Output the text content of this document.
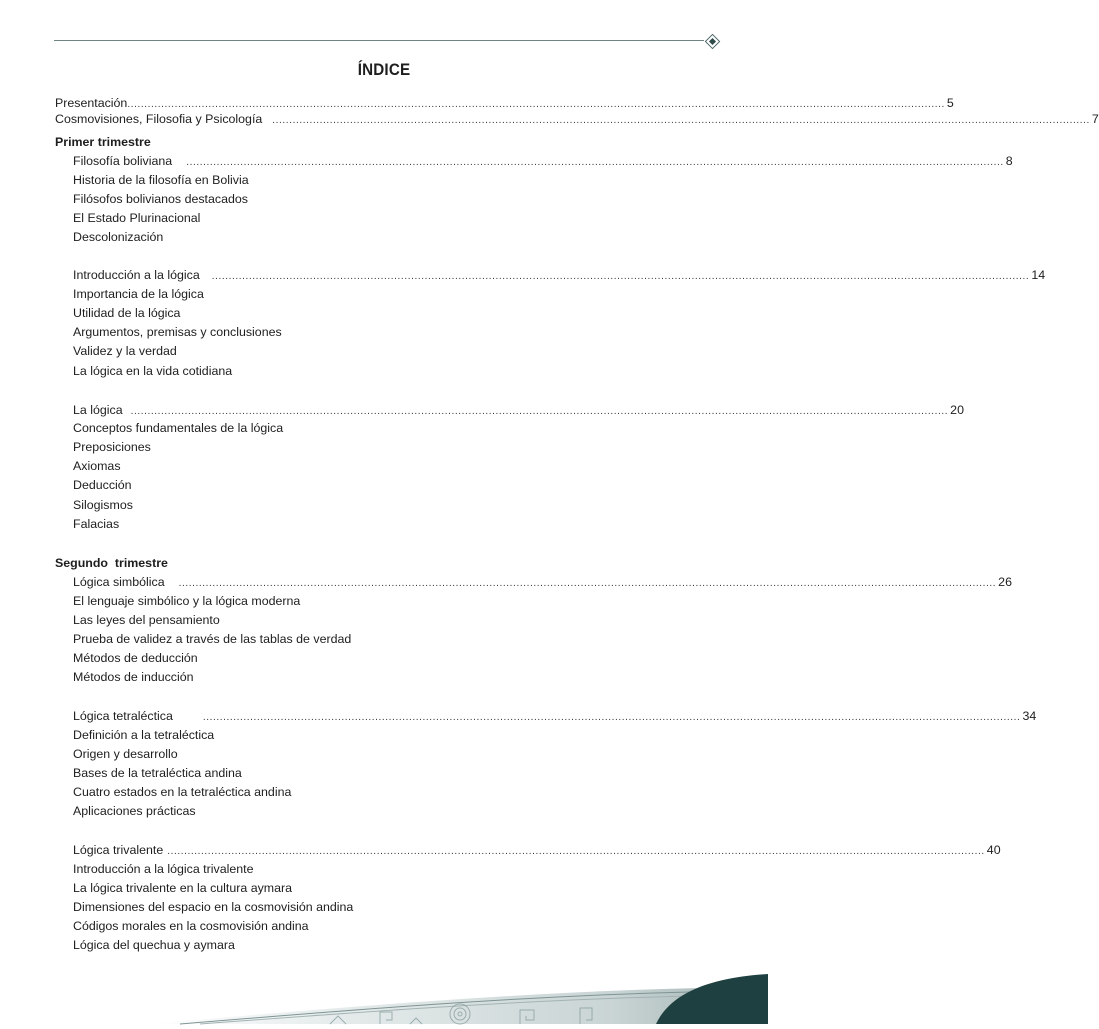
ÍNDICE
Presentación .................................................................................................................................................................................................................................................. 5
Cosmovisiones, Filosofia y Psicología .................................................................................................................................................................................................................................................. 7
Primer trimestre
Filosofía boliviana .................................................................................................................................................................................................................................................. 8
Historia de la filosofía en Bolivia
Filósofos bolivianos destacados
El Estado Plurinacional
Descolonización
Introducción a la lógica .................................................................................................................................................................................................................................................. 14
Importancia de la lógica
Utilidad de la lógica
Argumentos, premisas y conclusiones
Validez y la verdad
La lógica en la vida cotidiana
La lógica .................................................................................................................................................................................................................................................. 20
Conceptos fundamentales de la lógica
Preposiciones
Axiomas
Deducción
Silogismos
Falacias
Segundo  trimestre
Lógica simbólica .................................................................................................................................................................................................................................................. 26
El lenguaje simbólico y la lógica moderna
Las leyes del pensamiento
Prueba de validez a través de las tablas de verdad
Métodos de deducción
Métodos de inducción
Lógica tetraléctica	.................................................................................................................................................................................................................................................. 34
Definición a la tetraléctica
Origen y desarrollo
Bases de la tetraléctica andina
Cuatro estados en la tetraléctica andina
Aplicaciones prácticas
Lógica trivalente .................................................................................................................................................................................................................................................. 40
Introducción a la lógica trivalente
La lógica trivalente en la cultura aymara
Dimensiones del espacio en la cosmovisión andina
Códigos morales en la cosmovisión andina
Lógica del quechua y aymara
